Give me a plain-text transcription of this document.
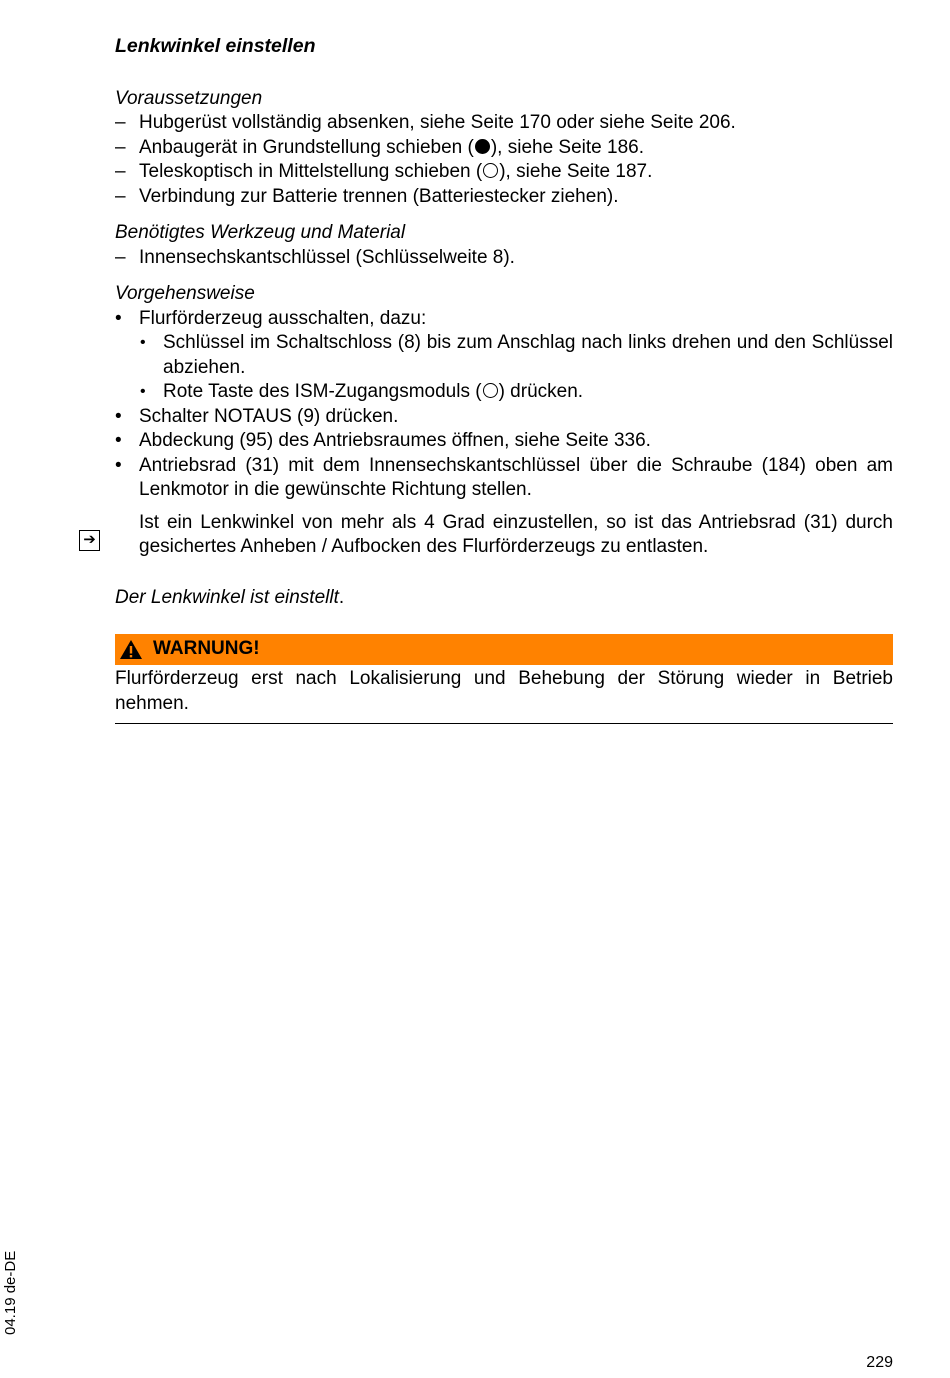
➔
Lenkwinkel einstellen
Voraussetzungen
– Hubgerüst vollständig absenken, siehe Seite 170 oder siehe Seite 206.
– Anbaugerät in Grundstellung schieben ( ), siehe Seite 186.
– Teleskoptisch in Mittelstellung schieben ( ), siehe Seite 187.
– Verbindung zur Batterie trennen (Batteriestecker ziehen).
Benötigtes Werkzeug und Material
– Innensechskantschlüssel (Schlüsselweite 8).
Vorgehensweise
• Flurförderzeug ausschalten, dazu:
• Schlüssel im Schaltschloss (8) bis zum Anschlag nach links drehen und den Schlüssel abziehen.
• Rote Taste des ISM-Zugangsmoduls ( ) drücken.
• Schalter NOTAUS (9) drücken.
• Abdeckung (95) des Antriebsraumes öffnen, siehe Seite 336.
• Antriebsrad (31) mit dem Innensechskantschlüssel über die Schraube (184) oben am Lenkmotor in die gewünschte Richtung stellen.
Ist ein Lenkwinkel von mehr als 4 Grad einzustellen, so ist das Antriebsrad (31) durch gesichertes Anheben / Aufbocken des Flurförderzeugs zu entlasten.
Der Lenkwinkel ist einstellt.
WARNUNG!
Flurförderzeug erst nach Lokalisierung und Behebung der Störung wieder in Betrieb nehmen.
04.19 de-DE
229
